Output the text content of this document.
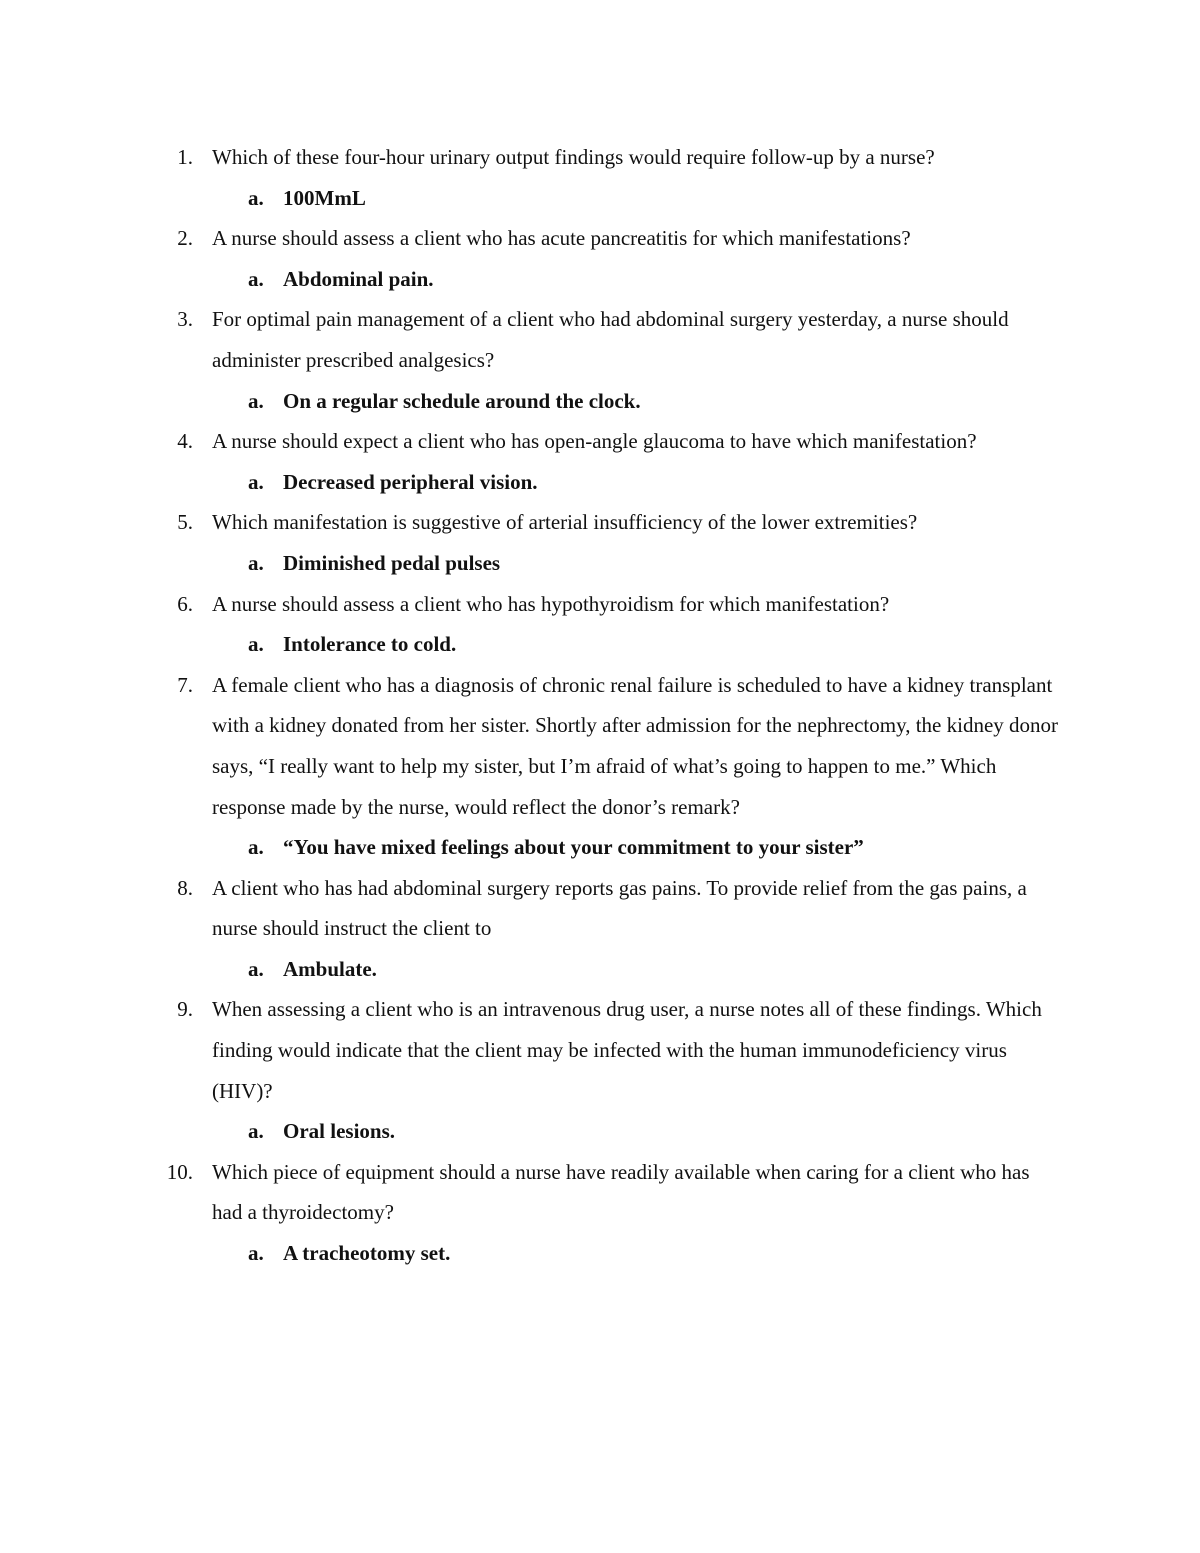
1. Which of these four-hour urinary output findings would require follow-up by a nurse?
a. 100MmL
2. A nurse should assess a client who has acute pancreatitis for which manifestations?
a. Abdominal pain.
3. For optimal pain management of a client who had abdominal surgery yesterday, a nurse should administer prescribed analgesics?
a. On a regular schedule around the clock.
4. A nurse should expect a client who has open-angle glaucoma to have which manifestation?
a. Decreased peripheral vision.
5. Which manifestation is suggestive of arterial insufficiency of the lower extremities?
a. Diminished pedal pulses
6. A nurse should assess a client who has hypothyroidism for which manifestation?
a. Intolerance to cold.
7. A female client who has a diagnosis of chronic renal failure is scheduled to have a kidney transplant with a kidney donated from her sister. Shortly after admission for the nephrectomy, the kidney donor says, “I really want to help my sister, but I’m afraid of what’s going to happen to me.” Which response made by the nurse, would reflect the donor’s remark?
a. “You have mixed feelings about your commitment to your sister”
8. A client who has had abdominal surgery reports gas pains. To provide relief from the gas pains, a nurse should instruct the client to
a. Ambulate.
9. When assessing a client who is an intravenous drug user, a nurse notes all of these findings. Which finding would indicate that the client may be infected with the human immunodeficiency virus (HIV)?
a. Oral lesions.
10. Which piece of equipment should a nurse have readily available when caring for a client who has had a thyroidectomy?
a. A tracheotomy set.
